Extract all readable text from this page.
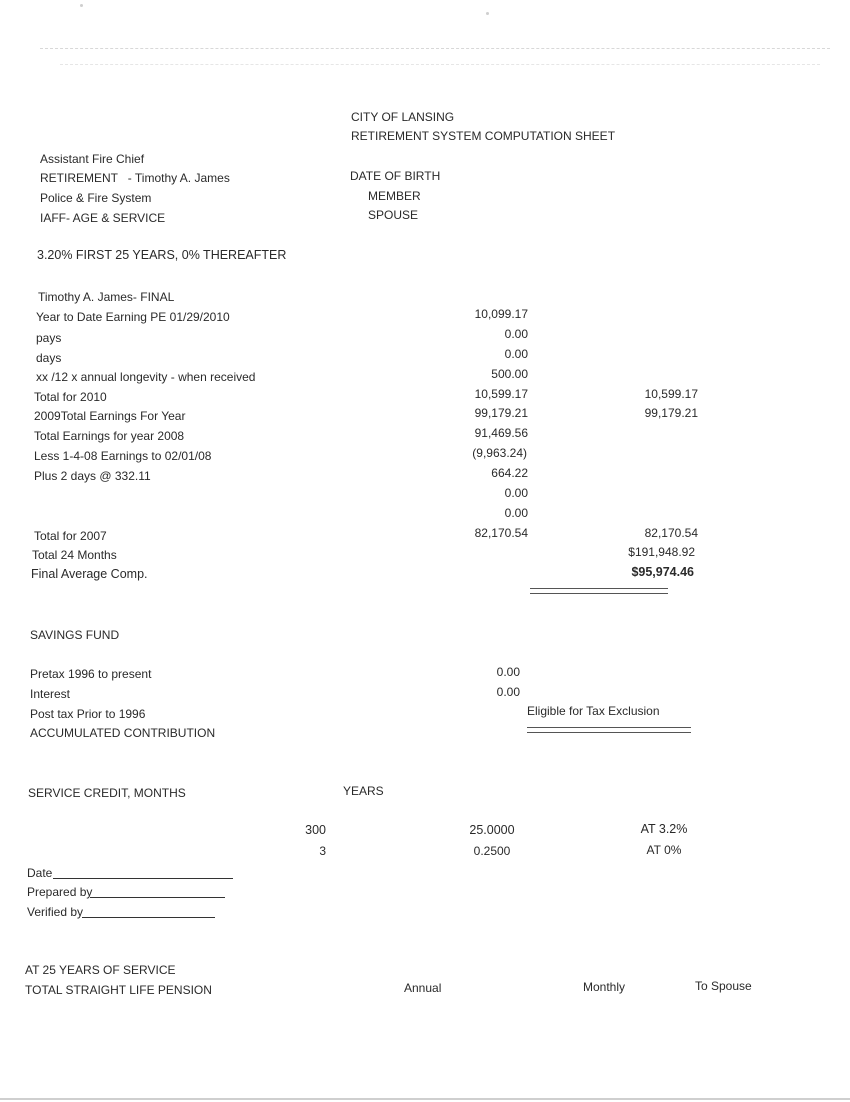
CITY OF LANSING
RETIREMENT SYSTEM COMPUTATION SHEET
Assistant Fire Chief
RETIREMENT   - Timothy A. James
Police & Fire System
IAFF- AGE & SERVICE
DATE OF BIRTH
MEMBER
SPOUSE
3.20% FIRST 25 YEARS, 0% THEREAFTER
Timothy A. James- FINAL
Year to Date Earning PE 01/29/2010	10,099.17
pays	0.00
days	0.00
xx /12 x annual longevity - when received	500.00
Total for 2010	10,599.17	10,599.17
2009Total Earnings For Year	99,179.21	99,179.21
Total Earnings for year 2008	91,469.56
Less 1-4-08 Earnings to 02/01/08	(9,963.24)
Plus 2 days @ 332.11	664.22
0.00
0.00
Total for 2007	82,170.54	82,170.54
Total 24 Months	$191,948.92
Final Average Comp.	$95,974.46
SAVINGS FUND
Pretax 1996 to present	0.00
Interest	0.00
Post tax Prior to 1996	Eligible for Tax Exclusion
ACCUMULATED CONTRIBUTION
SERVICE CREDIT, MONTHS	YEARS
300	25.0000	AT 3.2%
3	0.2500	AT 0%
Date
Prepared by
Verified by
AT 25 YEARS OF SERVICE
TOTAL STRAIGHT LIFE PENSION	Annual	Monthly	To Spouse
